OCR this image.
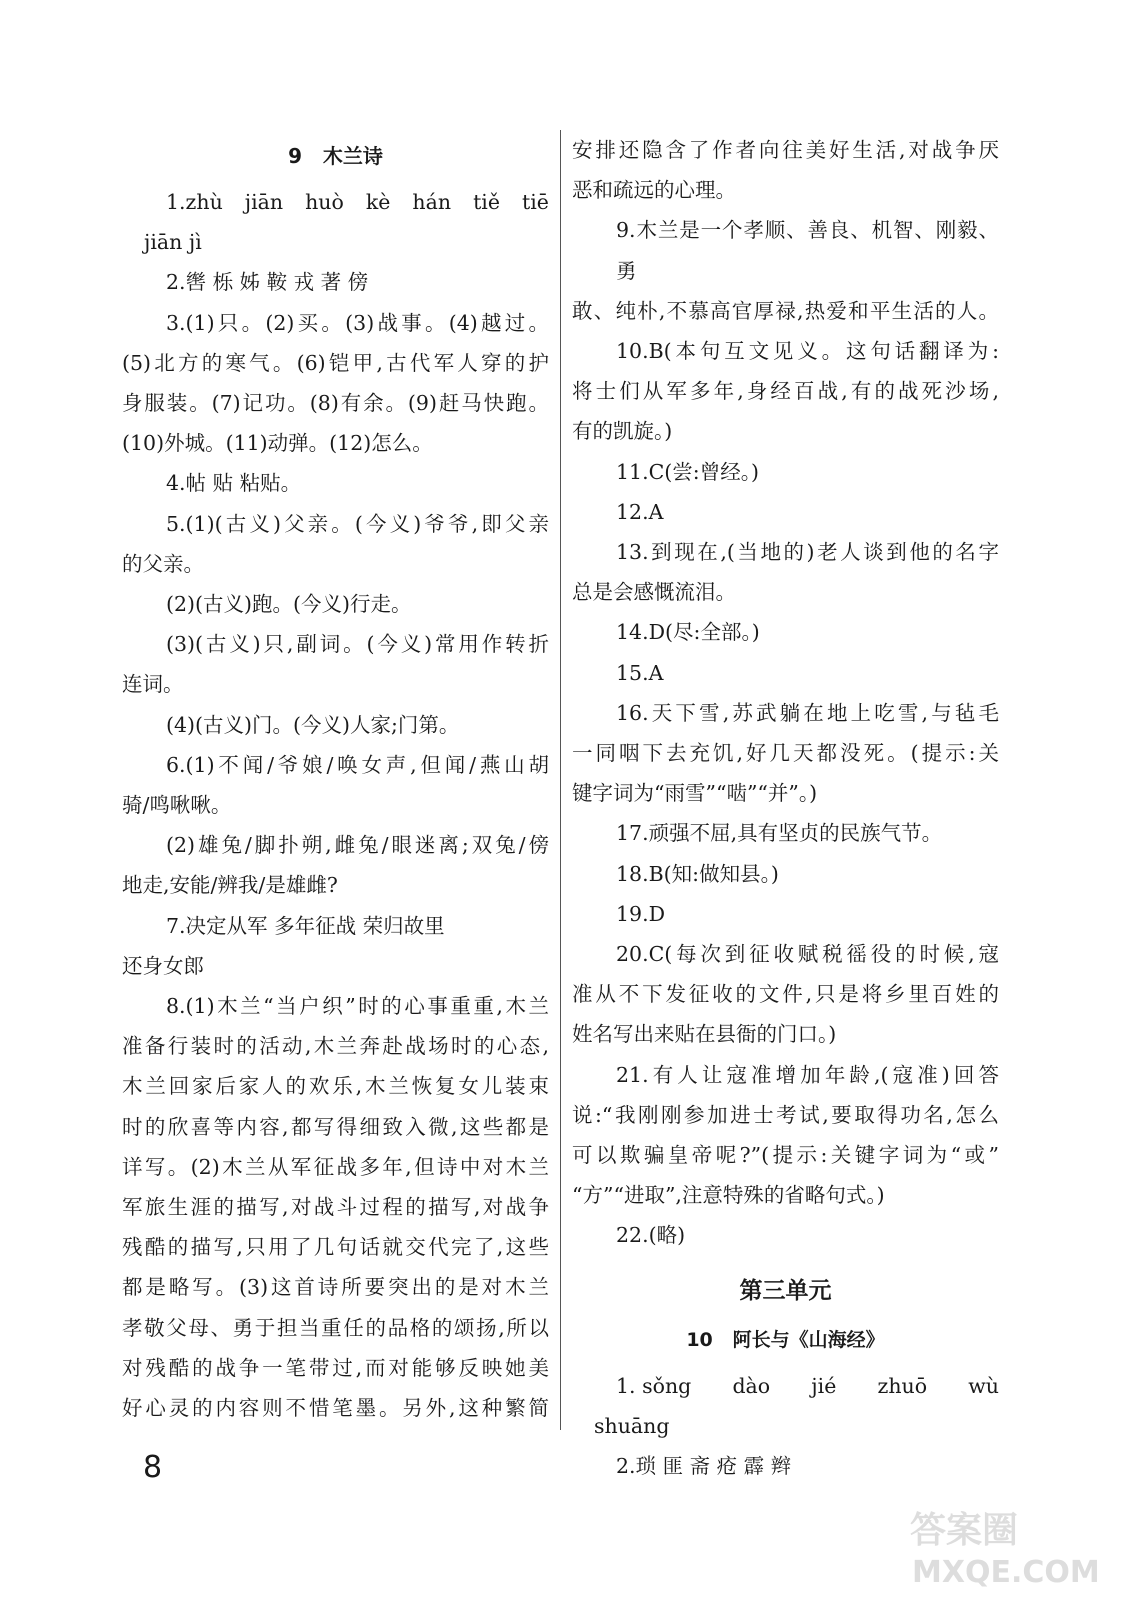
9 木兰诗
1.zhù jiān huò kè hán tiě tiē
jiān jì
2.辔 栎 姊 鞍 戎 著 傍
3.(1)只。(2)买。(3)战事。(4)越过。
(5)北方的寒气。(6)铠甲,古代军人穿的护
身服装。(7)记功。(8)有余。(9)赶马快跑。
(10)外城。(11)动弹。(12)怎么。
4.帖 贴 粘贴。
5.(1)(古义)父亲。(今义)爷爷,即父亲
的父亲。
(2)(古义)跑。(今义)行走。
(3)(古义)只,副词。(今义)常用作转折
连词。
(4)(古义)门。(今义)人家;门第。
6.(1)不闻/爷娘/唤女声,但闻/燕山胡
骑/鸣啾啾。
(2)雄兔/脚扑朔,雌兔/眼迷离;双兔/傍
地走,安能/辨我/是雄雌?
7.决定从军 多年征战 荣归故里
还身女郎
8.(1)木兰“当户织”时的心事重重,木兰
准备行装时的活动,木兰奔赴战场时的心态,
木兰回家后家人的欢乐,木兰恢复女儿装束
时的欣喜等内容,都写得细致入微,这些都是
详写。(2)木兰从军征战多年,但诗中对木兰
军旅生涯的描写,对战斗过程的描写,对战争
残酷的描写,只用了几句话就交代完了,这些
都是略写。(3)这首诗所要突出的是对木兰
孝敬父母、勇于担当重任的品格的颂扬,所以
对残酷的战争一笔带过,而对能够反映她美
好心灵的内容则不惜笔墨。另外,这种繁简
安排还隐含了作者向往美好生活,对战争厌
恶和疏远的心理。
9.木兰是一个孝顺、善良、机智、刚毅、勇
敢、纯朴,不慕高官厚禄,热爱和平生活的人。
10.B(本句互文见义。这句话翻译为:
将士们从军多年,身经百战,有的战死沙场,
有的凯旋。)
11.C(尝:曾经。)
12.A
13.到现在,(当地的)老人谈到他的名字
总是会感慨流泪。
14.D(尽:全部。)
15.A
16.天下雪,苏武躺在地上吃雪,与毡毛
一同咽下去充饥,好几天都没死。(提示:关
键字词为“雨雪”“啮”“并”。)
17.顽强不屈,具有坚贞的民族气节。
18.B(知:做知县。)
19.D
20.C(每次到征收赋税徭役的时候,寇
准从不下发征收的文件,只是将乡里百姓的
姓名写出来贴在县衙的门口。)
21.有人让寇准增加年龄,(寇准)回答
说:“我刚刚参加进士考试,要取得功名,怎么
可以欺骗皇帝呢?”(提示:关键字词为“或”
“方”“进取”,注意特殊的省略句式。)
22.(略)
第三单元
10 阿长与《山海经》
1. sǒng dào jié zhuō wù
shuāng
2.琐 匪 斋 疮 霹 辫
8
答案圈
MXQE.COM
